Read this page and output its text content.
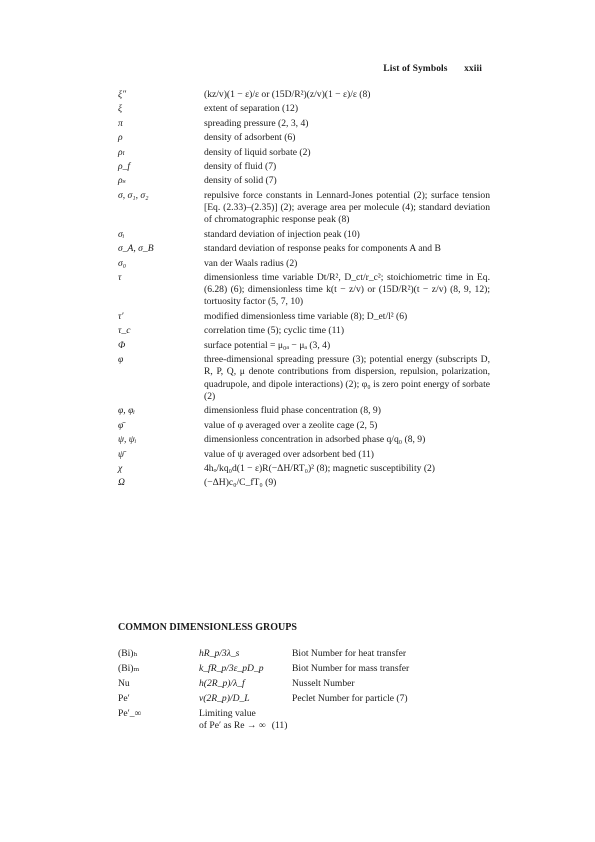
List of Symbols xxiii
ξ″	(kz/v)(1 − ε)/ε or (15D/R²)(z/v)(1 − ε)/ε (8)
ξ	extent of separation (12)
π	spreading pressure (2, 3, 4)
ρ	density of adsorbent (6)
ρₗ	density of liquid sorbate (2)
ρ_f	density of fluid (7)
ρₛ	density of solid (7)
σ, σ₁, σ₂	repulsive force constants in Lennard-Jones potential (2); surface tension [Eq. (2.33)–(2.35)] (2); average area per molecule (4); standard deviation of chromatographic response peak (8)
σᵢ	standard deviation of injection peak (10)
σ_A, σ_B	standard deviation of response peaks for components A and B
σ₀	van der Waals radius (2)
τ	dimensionless time variable Dt/R², D_ct/r_c²; stoichiometric time in Eq. (6.28) (6); dimensionless time k(t − z/v) or (15D/R²)(t − z/v) (8, 9, 12); tortuosity factor (5, 7, 10)
τ′	modified dimensionless time variable (8); D_et/l² (6)
τ_c	correlation time (5); cyclic time (11)
Φ	surface potential = μ₀ₐ − μₐ (3, 4)
φ	three-dimensional spreading pressure (3); potential energy (subscripts D, R, P, Q, μ denote contributions from dispersion, repulsion, polarization, quadrupole, and dipole interactions) (2); φ₀ is zero point energy of sorbate (2)
φ, φᵢ	dimensionless fluid phase concentration (8, 9)
φ̄	value of φ averaged over a zeolite cage (2, 5)
ψ, ψᵢ	dimensionless concentration in adsorbed phase q/q₀ (8, 9)
ψ̄	value of ψ averaged over adsorbent bed (11)
χ	4hₒ/kq₀d(1 − ε)R(−ΔH/RT₀)² (8); magnetic susceptibility (2)
Ω	(−ΔH)c₀/C_fT₀ (9)
COMMON DIMENSIONLESS GROUPS
(Bi)ₕ	hR_p/3λ_s	Biot Number for heat transfer
(Bi)ₘ	k_fR_p/3ε_pD_p	Biot Number for mass transfer
Nu	h(2R_p)/λ_f	Nusselt Number
Pe′	v(2R_p)/D_L	Peclet Number for particle (7)
Pe′_∞	Limiting value
of Pe′ as Re → ∞ (11)
